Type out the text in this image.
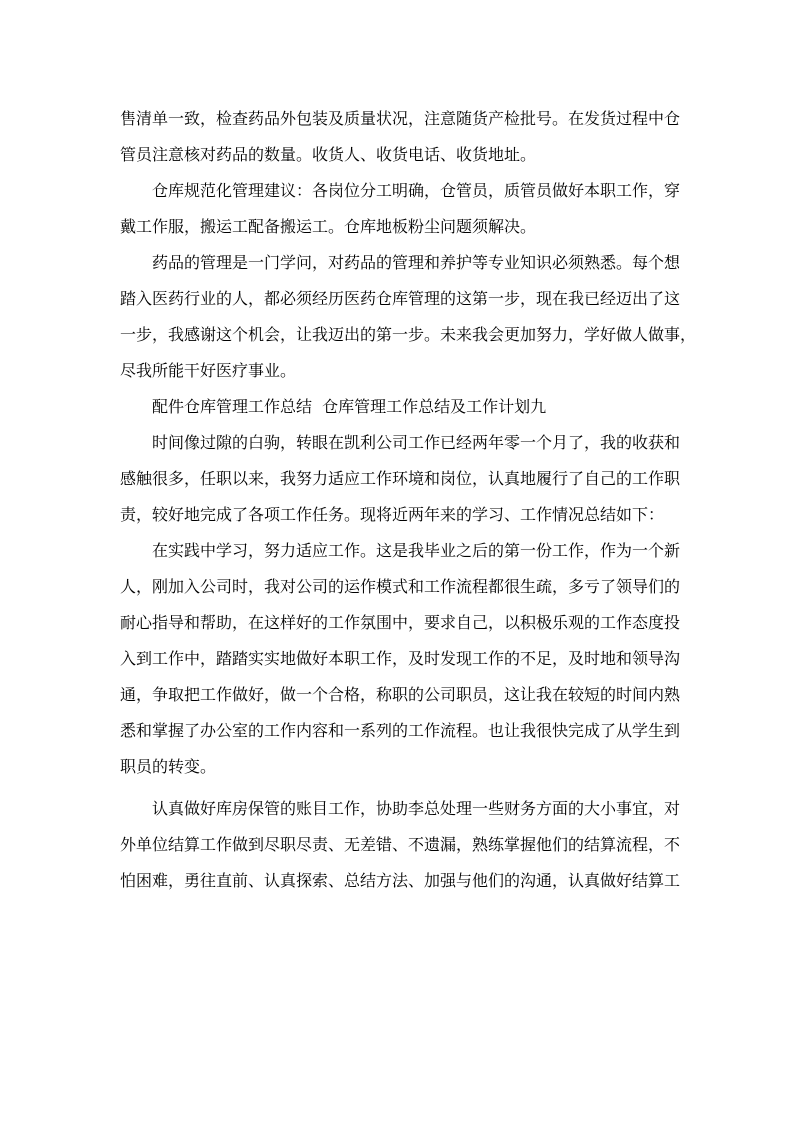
售清单一致，检查药品外包装及质量状况，注意随货产检批号。在发货过程中仓
管员注意核对药品的数量。收货人、收货电话、收货地址。
仓库规范化管理建议：各岗位分工明确，仓管员，质管员做好本职工作，穿
戴工作服，搬运工配备搬运工。仓库地板粉尘问题须解决。
药品的管理是一门学问，对药品的管理和养护等专业知识必须熟悉。每个想
踏入医药行业的人，都必须经历医药仓库管理的这第一步，现在我已经迈出了这
一步，我感谢这个机会，让我迈出的第一步。未来我会更加努力，学好做人做事，
尽我所能干好医疗事业。
配件仓库管理工作总结  仓库管理工作总结及工作计划九
时间像过隙的白驹，转眼在凯利公司工作已经两年零一个月了，我的收获和
感触很多，任职以来，我努力适应工作环境和岗位，认真地履行了自己的工作职
责，较好地完成了各项工作任务。现将近两年来的学习、工作情况总结如下：
在实践中学习，努力适应工作。这是我毕业之后的第一份工作，作为一个新
人，刚加入公司时，我对公司的运作模式和工作流程都很生疏，多亏了领导们的
耐心指导和帮助，在这样好的工作氛围中，要求自己，以积极乐观的工作态度投
入到工作中，踏踏实实地做好本职工作，及时发现工作的不足，及时地和领导沟
通，争取把工作做好，做一个合格，称职的公司职员，这让我在较短的时间内熟
悉和掌握了办公室的工作内容和一系列的工作流程。也让我很快完成了从学生到
职员的转变。
认真做好库房保管的账目工作，协助李总处理一些财务方面的大小事宜，对
外单位结算工作做到尽职尽责、无差错、不遗漏，熟练掌握他们的结算流程，不
怕困难，勇往直前、认真探索、总结方法、加强与他们的沟通，认真做好结算工
